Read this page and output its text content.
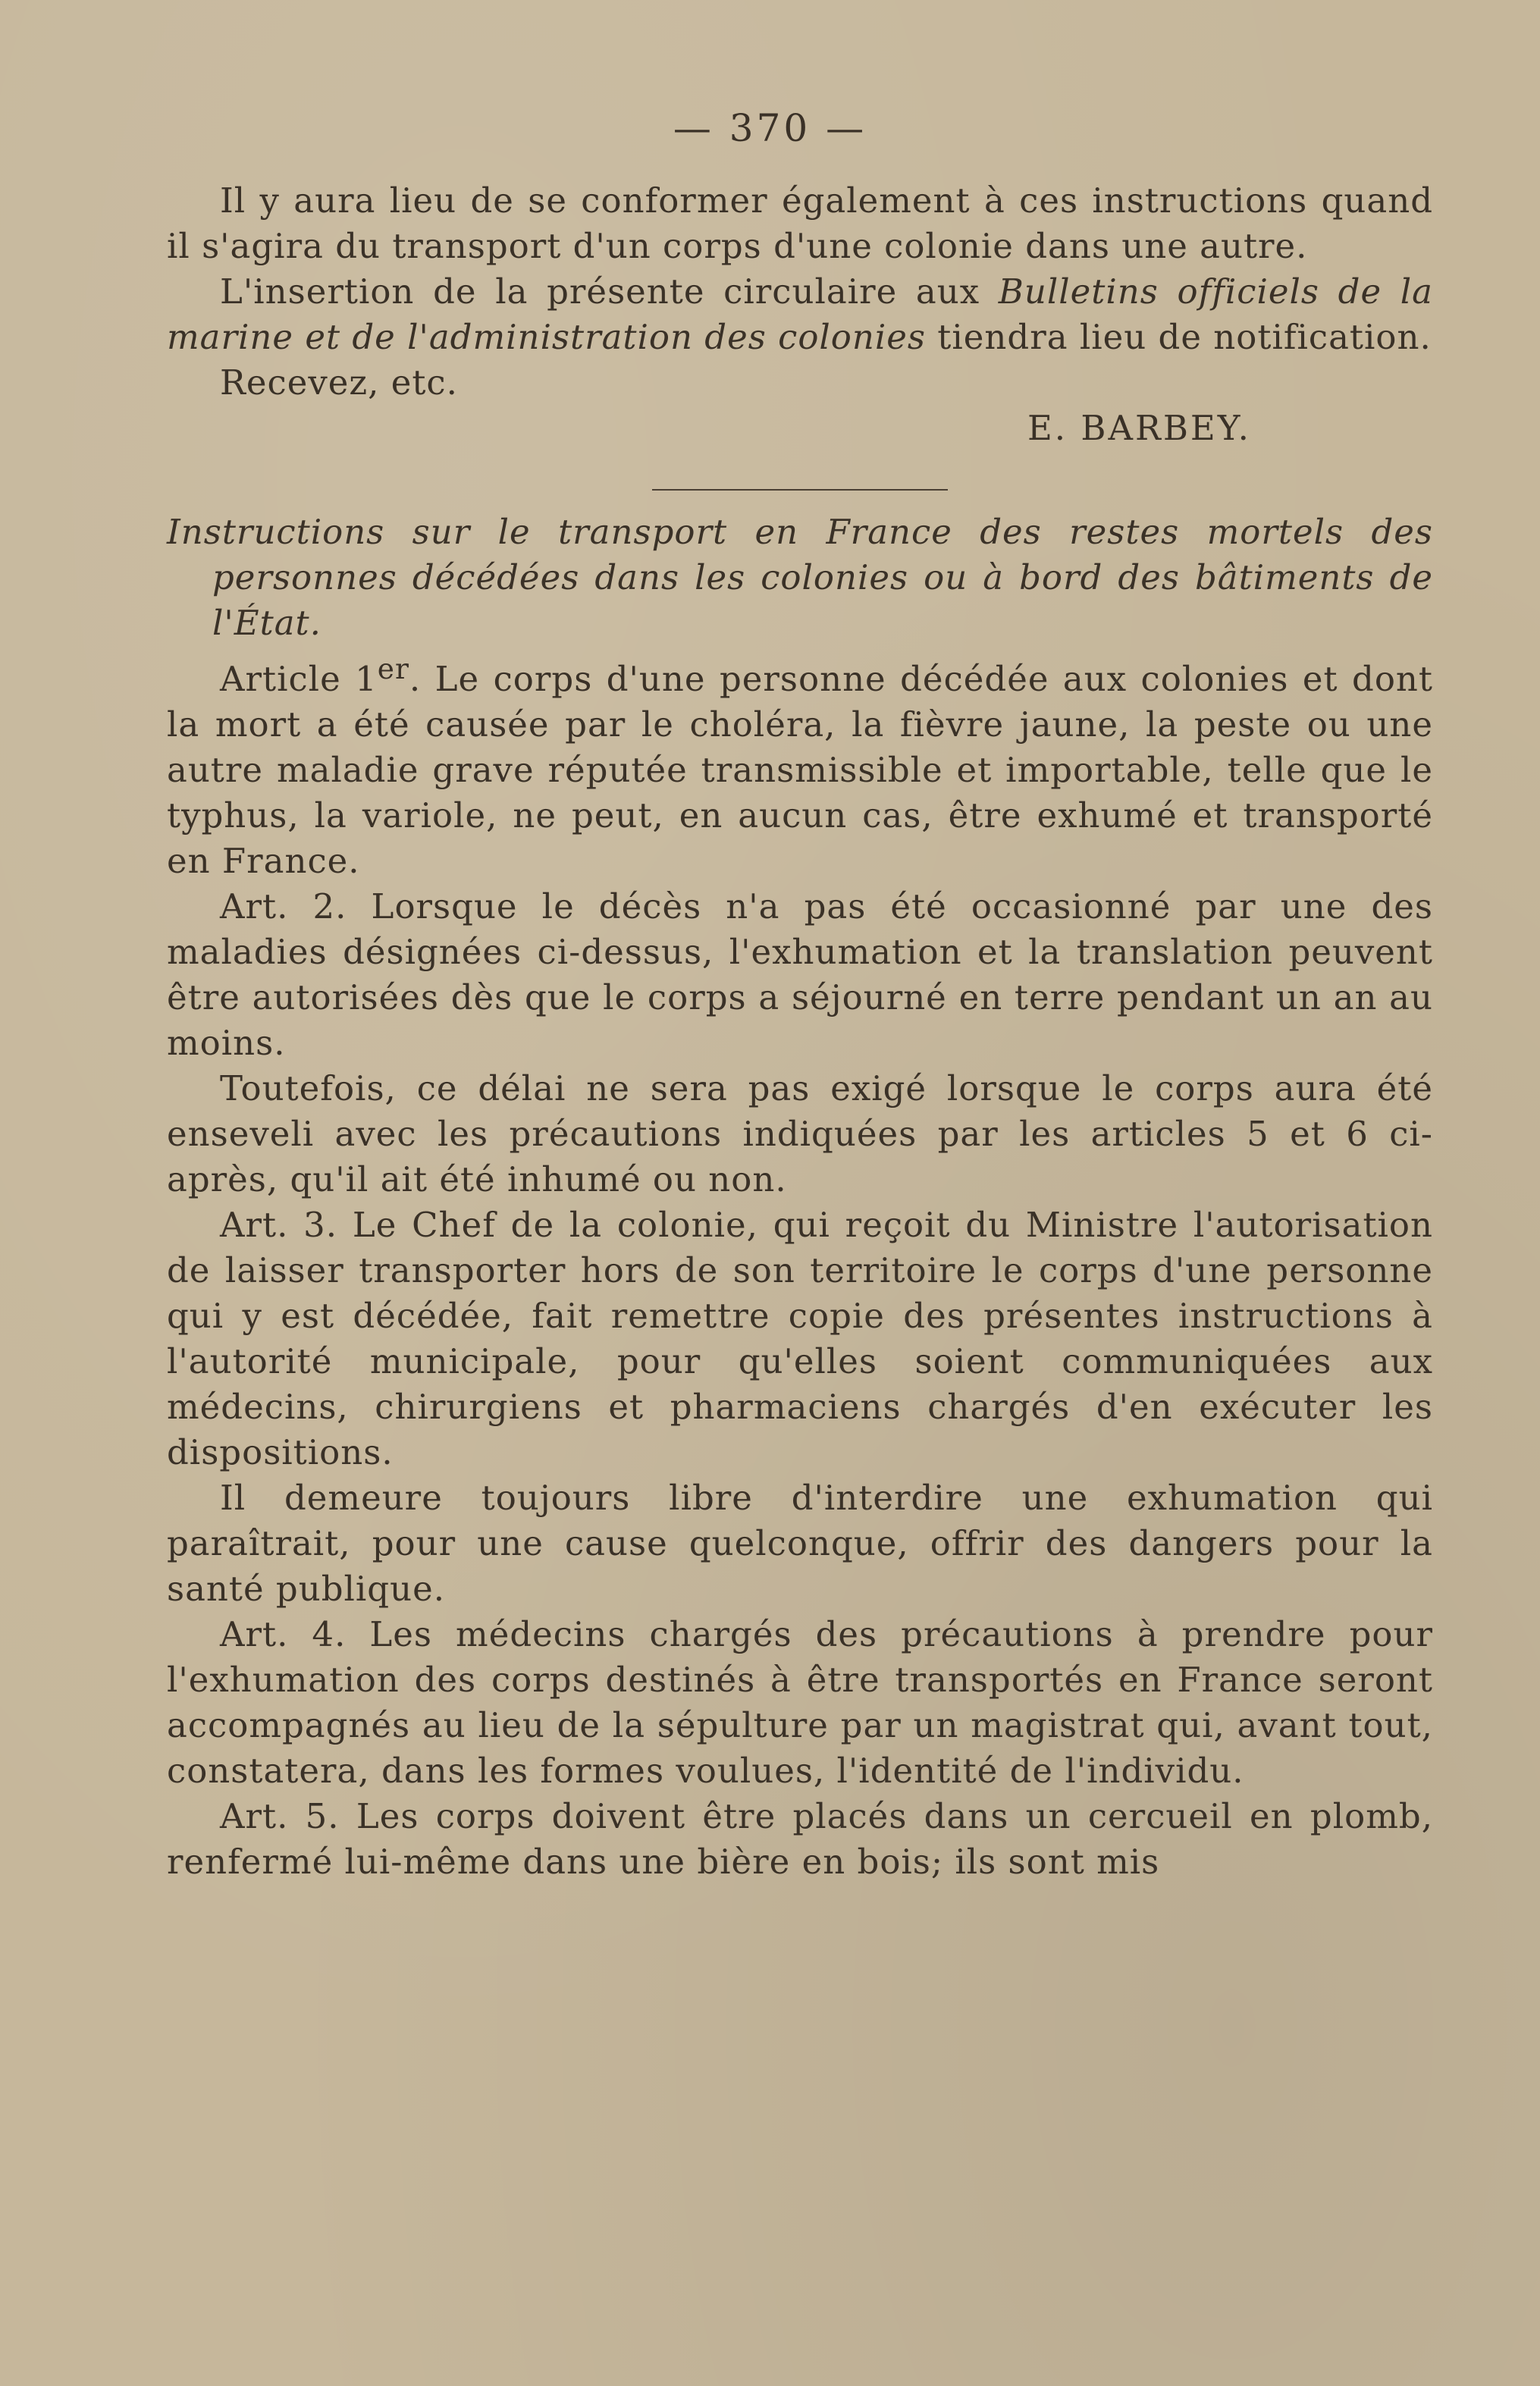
— 370 —

Il y aura lieu de se conformer également à ces instructions quand il s'agira du transport d'un corps d'une colonie dans une autre.

L'insertion de la présente circulaire aux Bulletins officiels de la marine et de l'administration des colonies tiendra lieu de notification.

Recevez, etc.

E. BARBEY.

Instructions sur le transport en France des restes mortels des personnes décédées dans les colonies ou à bord des bâtiments de l'État.

Article 1er. Le corps d'une personne décédée aux colonies et dont la mort a été causée par le choléra, la fièvre jaune, la peste ou une autre maladie grave réputée transmissible et importable, telle que le typhus, la variole, ne peut, en aucun cas, être exhumé et transporté en France.

Art. 2. Lorsque le décès n'a pas été occasionné par une des maladies désignées ci-dessus, l'exhumation et la translation peuvent être autorisées dès que le corps a séjourné en terre pendant un an au moins.

Toutefois, ce délai ne sera pas exigé lorsque le corps aura été enseveli avec les précautions indiquées par les articles 5 et 6 ci-après, qu'il ait été inhumé ou non.

Art. 3. Le Chef de la colonie, qui reçoit du Ministre l'autorisation de laisser transporter hors de son territoire le corps d'une personne qui y est décédée, fait remettre copie des présentes instructions à l'autorité municipale, pour qu'elles soient communiquées aux médecins, chirurgiens et pharmaciens chargés d'en exécuter les dispositions.

Il demeure toujours libre d'interdire une exhumation qui paraîtrait, pour une cause quelconque, offrir des dangers pour la santé publique.

Art. 4. Les médecins chargés des précautions à prendre pour l'exhumation des corps destinés à être transportés en France seront accompagnés au lieu de la sépulture par un magistrat qui, avant tout, constatera, dans les formes voulues, l'identité de l'individu.

Art. 5. Les corps doivent être placés dans un cercueil en plomb, renfermé lui-même dans une bière en bois; ils sont mis
